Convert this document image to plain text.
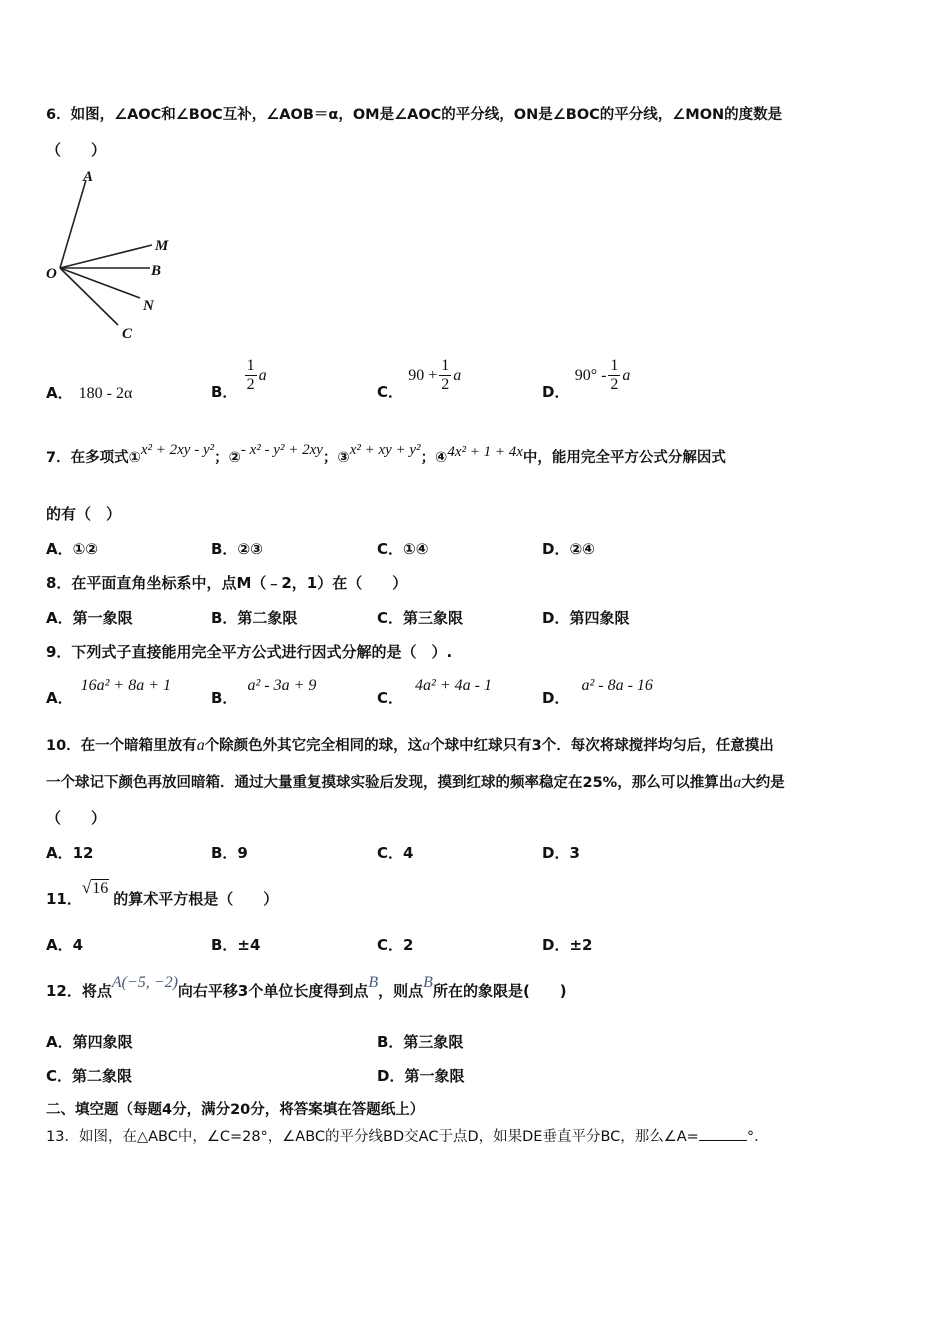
6．如图，∠AOC和∠BOC互补，∠AOB＝α，OM是∠AOC的平分线，ON是∠BOC的平分线，∠MON的度数是
（　　）
A
M
O	B
N
C
A． 180 - 2α	B． $\frac{1}{2}$ a
C． $90 + \frac{1}{2}$ a
D． $90^\circ - \frac{1}{2}$ a
7．在多项式①x² + 2xy - y²；②- x² - y² + 2xy；③x² + xy + y²；④4x² + 1 + 4x中，能用完全平方公式分解因式
的有（　）
A．①②	B．②③	C．①④	D．②④
8．在平面直角坐标系中，点M（﹣2，1）在（　　）
A．第一象限	B．第二象限	C．第三象限	D．第四象限
9．下列式子直接能用完全平方公式进行因式分解的是（　）.
A．16a² + 8a + 1
B．a² - 3a + 9
C．4a² + 4a - 1
D．a² - 8a - 16
10．在一个暗箱里放有a个除颜色外其它完全相同的球，这a个球中红球只有3个．每次将球搅拌均匀后，任意摸出
一个球记下颜色再放回暗箱．通过大量重复摸球实验后发现，摸到红球的频率稳定在25%，那么可以推算出a大约是
（　　）
A．12	B．9	C．4	D．3
11．√16的算术平方根是（　　）
A．4	B．±4	C．2	D．±2
12．将点A(−5, −2)向右平移3个单位长度得到点B，则点B所在的象限是(　　)
A．第四象限	B．第三象限
C．第二象限	D．第一象限
二、填空题（每题4分，满分20分，将答案填在答题纸上）
13．如图，在△ABC中，∠C=28°，∠ABC的平分线BD交AC于点D，如果DE垂直平分BC，那么∠A=	°．
